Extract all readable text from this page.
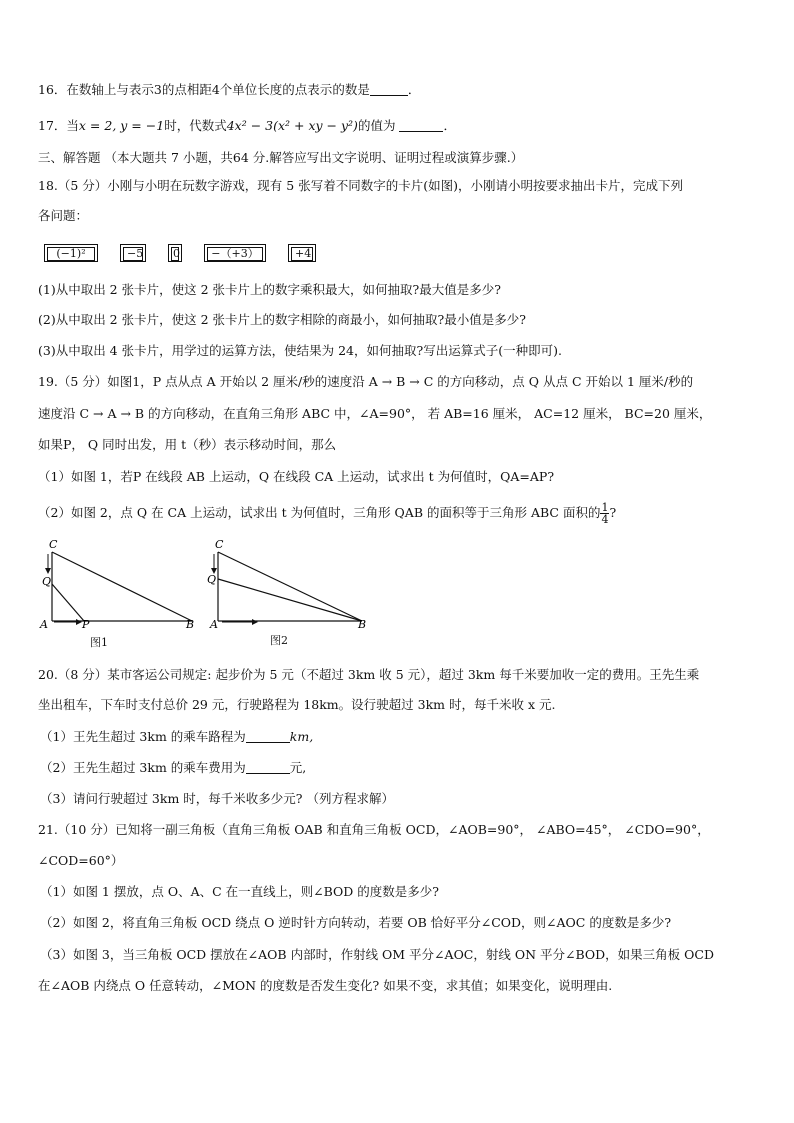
16．在数轴上与表示3的点相距4个单位长度的点表示的数是	．
17．当x = 2, y = −1时，代数式4x² − 3(x² + xy − y²)的值为	．
三、解答题 （本大题共 7 小题，共64 分.解答应写出文字说明、证明过程或演算步骤.）
18.（5 分）小刚与小明在玩数字游戏，现有 5 张写着不同数字的卡片(如图)，小刚请小明按要求抽出卡片，完成下列
各问题：
(−1)²	−5	0	−（+3）	+4
(1)从中取出 2 张卡片，使这 2 张卡片上的数字乘积最大，如何抽取?最大值是多少?
(2)从中取出 2 张卡片，使这 2 张卡片上的数字相除的商最小，如何抽取?最小值是多少?
(3)从中取出 4 张卡片，用学过的运算方法，使结果为 24，如何抽取?写出运算式子(一种即可).
19.（5 分）如图1，P 点从点 A 开始以 2 厘米/秒的速度沿 A → B → C 的方向移动，点 Q 从点 C 开始以 1 厘米/秒的
速度沿 C → A → B 的方向移动，在直角三角形 ABC 中，∠A=90°， 若 AB=16 厘米， AC=12 厘米， BC=20 厘米，
如果P， Q 同时出发，用 t（秒）表示移动时间，那么
（1）如图 1，若P 在线段 AB 上运动，Q 在线段 CA 上运动，试求出 t 为何值时，QA=AP?
（2）如图 2，点 Q 在 CA 上运动，试求出 t 为何值时，三角形 QAB 的面积等于三角形 ABC 面积的 $\frac{1}{4}$ ?
C
Q
A	P	B
图1
C
Q
A	B
图2
20.（8 分）某市客运公司规定: 起步价为 5 元（不超过 3km 收 5 元），超过 3km 每千米要加收一定的费用。王先生乘
坐出租车，下车时支付总价 29 元，行驶路程为 18km。设行驶超过 3km 时，每千米收 x 元.
（1）王先生超过 3km 的乘车路程为	km,
（2）王先生超过 3km 的乘车费用为	元,
（3）请问行驶超过 3km 时，每千米收多少元? （列方程求解）
21.（10 分）已知将一副三角板（直角三角板 OAB 和直角三角板 OCD，∠AOB=90°， ∠ABO=45°， ∠CDO=90°，
∠COD=60°）
（1）如图 1 摆放，点 O、A、C 在一直线上，则∠BOD 的度数是多少?
（2）如图 2，将直角三角板 OCD 绕点 O 逆时针方向转动，若要 OB 恰好平分∠COD，则∠AOC 的度数是多少?
（3）如图 3，当三角板 OCD 摆放在∠AOB 内部时，作射线 OM 平分∠AOC，射线 ON 平分∠BOD，如果三角板 OCD
在∠AOB 内绕点 O 任意转动，∠MON 的度数是否发生变化? 如果不变，求其值；如果变化，说明理由.
